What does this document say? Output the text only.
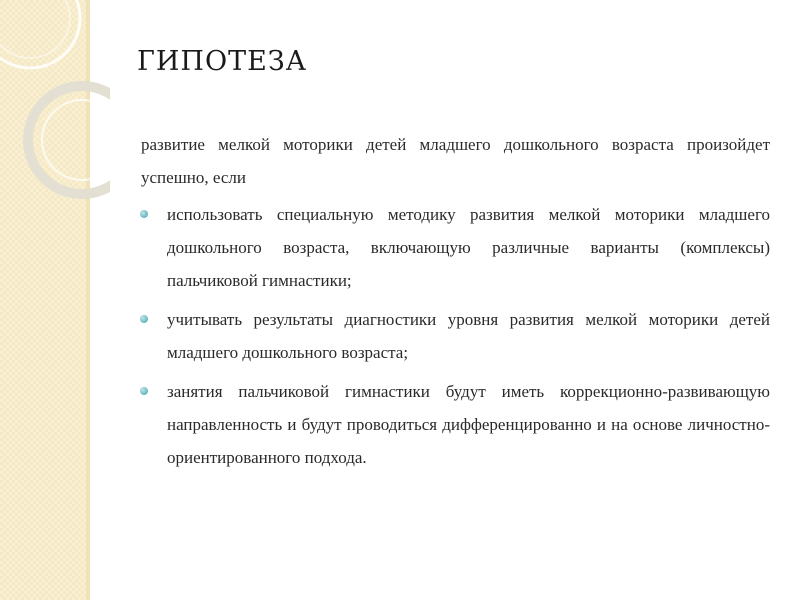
ГИПОТЕЗА

развитие мелкой моторики детей младшего дошкольного возраста произойдет успешно, если

использовать специальную методику развития мелкой моторики младшего дошкольного возраста, включающую различные варианты (комплексы) пальчиковой гимнастики;
учитывать результаты диагностики уровня развития мелкой моторики детей младшего дошкольного возраста;
занятия пальчиковой гимнастики будут иметь коррекционно-развивающую направленность и будут проводиться дифференцированно и на основе личностно-ориентированного подхода.
